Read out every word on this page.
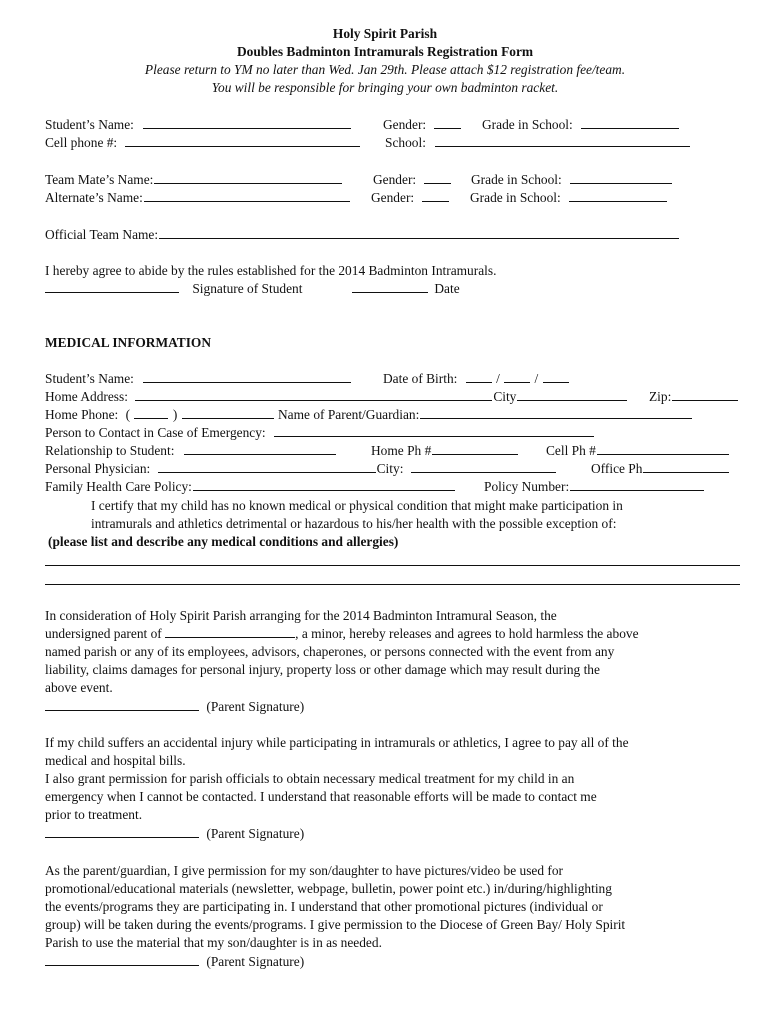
Holy Spirit Parish
Doubles Badminton Intramurals Registration Form
Please return to YM no later than Wed. Jan 29th. Please attach $12 registration fee/team.
You will be responsible for bringing your own badminton racket.
Student’s Name:	Gender:	Grade in School:
Cell phone #:	School:
Team Mate’s Name:	Gender:	Grade in School:
Alternate’s Name:	Gender:	Grade in School:
Official Team Name:
I hereby agree to abide by the rules established for the 2014 Badminton Intramurals.
Signature of Student	Date
MEDICAL INFORMATION
Student’s Name:	Date of Birth:	/	/
Home Address:	City	Zip:
Home Phone: (	)	Name of Parent/Guardian:
Person to Contact in Case of Emergency:
Relationship to Student:	Home Ph #	Cell Ph #
Personal Physician:	City:	Office Ph
Family Health Care Policy:	Policy Number:
I certify that my child has no known medical or physical condition that might make participation in
intramurals and athletics detrimental or hazardous to his/her health with the possible exception of:
(please list and describe any medical conditions and allergies)
In consideration of Holy Spirit Parish arranging for the 2014 Badminton Intramural Season, the
undersigned parent of	, a minor, hereby releases and agrees to hold harmless the above
named parish or any of its employees, advisors, chaperones, or persons connected with the event from any
liability, claims damages for personal injury, property loss or other damage which may result during the
above event.
(Parent Signature)
If my child suffers an accidental injury while participating in intramurals or athletics, I agree to pay all of the
medical and hospital bills.
I also grant permission for parish officials to obtain necessary medical treatment for my child in an
emergency when I cannot be contacted. I understand that reasonable efforts will be made to contact me
prior to treatment.
(Parent Signature)
As the parent/guardian, I give permission for my son/daughter to have pictures/video be used for
promotional/educational materials (newsletter, webpage, bulletin, power point etc.) in/during/highlighting
the events/programs they are participating in. I understand that other promotional pictures (individual or
group) will be taken during the events/programs. I give permission to the Diocese of Green Bay/ Holy Spirit
Parish to use the material that my son/daughter is in as needed.
(Parent Signature)
